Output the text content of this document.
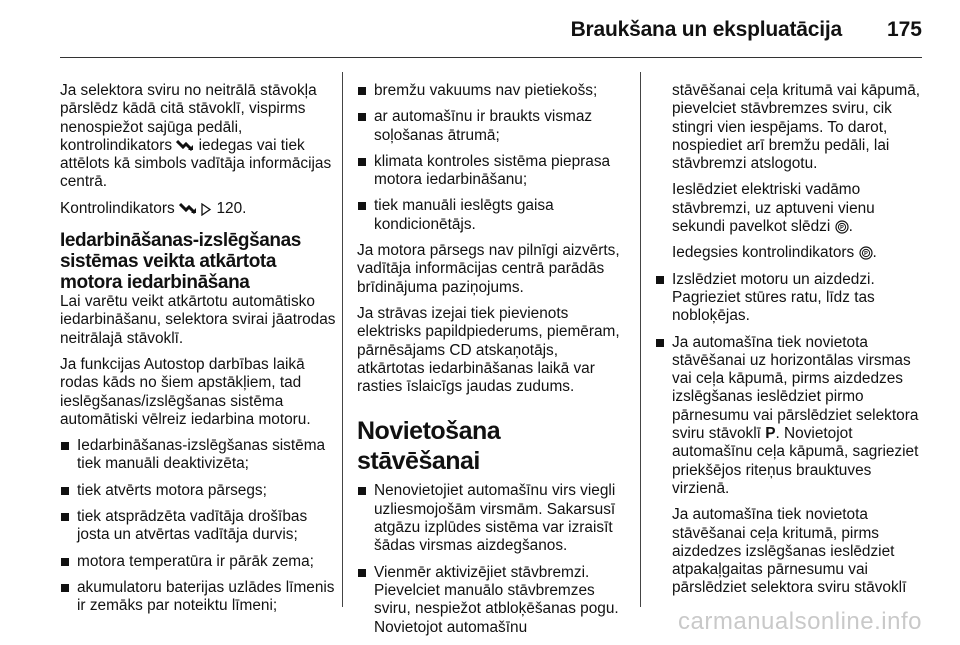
Braukšana un ekspluatācija 175

Ja selektora sviru no neitrālā stāvokļa pārslēdz kādā citā stāvoklī, vispirms nenospiežot sajūga pedāli, kontrolindikators iedegas vai tiek attēlots kā simbols vadītāja informācijas centrā.

Kontrolindikators	120.

Iedarbināšanas-izslēgšanas sistēmas veikta atkārtota motora iedarbināšana

Lai varētu veikt atkārtotu automātisko iedarbināšanu, selektora svirai jāatrodas neitrālajā stāvoklī.

Ja funkcijas Autostop darbības laikā rodas kāds no šiem apstākļiem, tad ieslēgšanas/izslēgšanas sistēma automātiski vēlreiz iedarbina motoru.

Iedarbināšanas-izslēgšanas sistēma tiek manuāli deaktivizēta;
tiek atvērts motora pārsegs;
tiek atsprādzēta vadītāja drošības josta un atvērtas vadītāja durvis;
motora temperatūra ir pārāk zema;
akumulatoru baterijas uzlādes līmenis ir zemāks par noteiktu līmeni;
bremžu vakuums nav pietiekošs;
ar automašīnu ir braukts vismaz soļošanas ātrumā;
klimata kontroles sistēma pieprasa motora iedarbināšanu;
tiek manuāli ieslēgts gaisa kondicionētājs.

Ja motora pārsegs nav pilnīgi aizvērts, vadītāja informācijas centrā parādās brīdinājuma paziņojums.

Ja strāvas izejai tiek pievienots elektrisks papildpiederums, piemēram, pārnēsājams CD atskaņotājs, atkārtotas iedarbināšanas laikā var rasties īslaicīgs jaudas zudums.

Novietošana stāvēšanai
Nenovietojiet automašīnu virs viegli uzliesmojošām virsmām. Sakarsusī atgāzu izplūdes sistēma var izraisīt šādas virsmas aizdegšanos.
Vienmēr aktivizējiet stāvbremzi. Pievelciet manuālo stāvbremzes sviru, nespiežot atbloķēšanas pogu. Novietojot automašīnu

stāvēšanai ceļa kritumā vai kāpumā, pievelciet stāvbremzes sviru, cik stingri vien iespējams. To darot, nospiediet arī bremžu pedāli, lai stāvbremzi atslogotu.

Ieslēdziet elektriski vadāmo stāvbremzi, uz aptuveni vienu sekundi pavelkot slēdzi P .

Iedegsies kontrolindikators P .

Izslēdziet motoru un aizdedzi. Pagrieziet stūres ratu, līdz tas nobloķējas.
Ja automašīna tiek novietota stāvēšanai uz horizontālas virsmas vai ceļa kāpumā, pirms aizdedzes izslēgšanas ieslēdziet pirmo pārnesumu vai pārslēdziet selektora sviru stāvoklī P. Novietojot automašīnu ceļa kāpumā, sagrieziet priekšējos riteņus brauktuves virzienā.

Ja automašīna tiek novietota stāvēšanai ceļa kritumā, pirms aizdedzes izslēgšanas ieslēdziet atpakaļgaitas pārnesumu vai pārslēdziet selektora sviru stāvoklī

carmanualsonline.info
